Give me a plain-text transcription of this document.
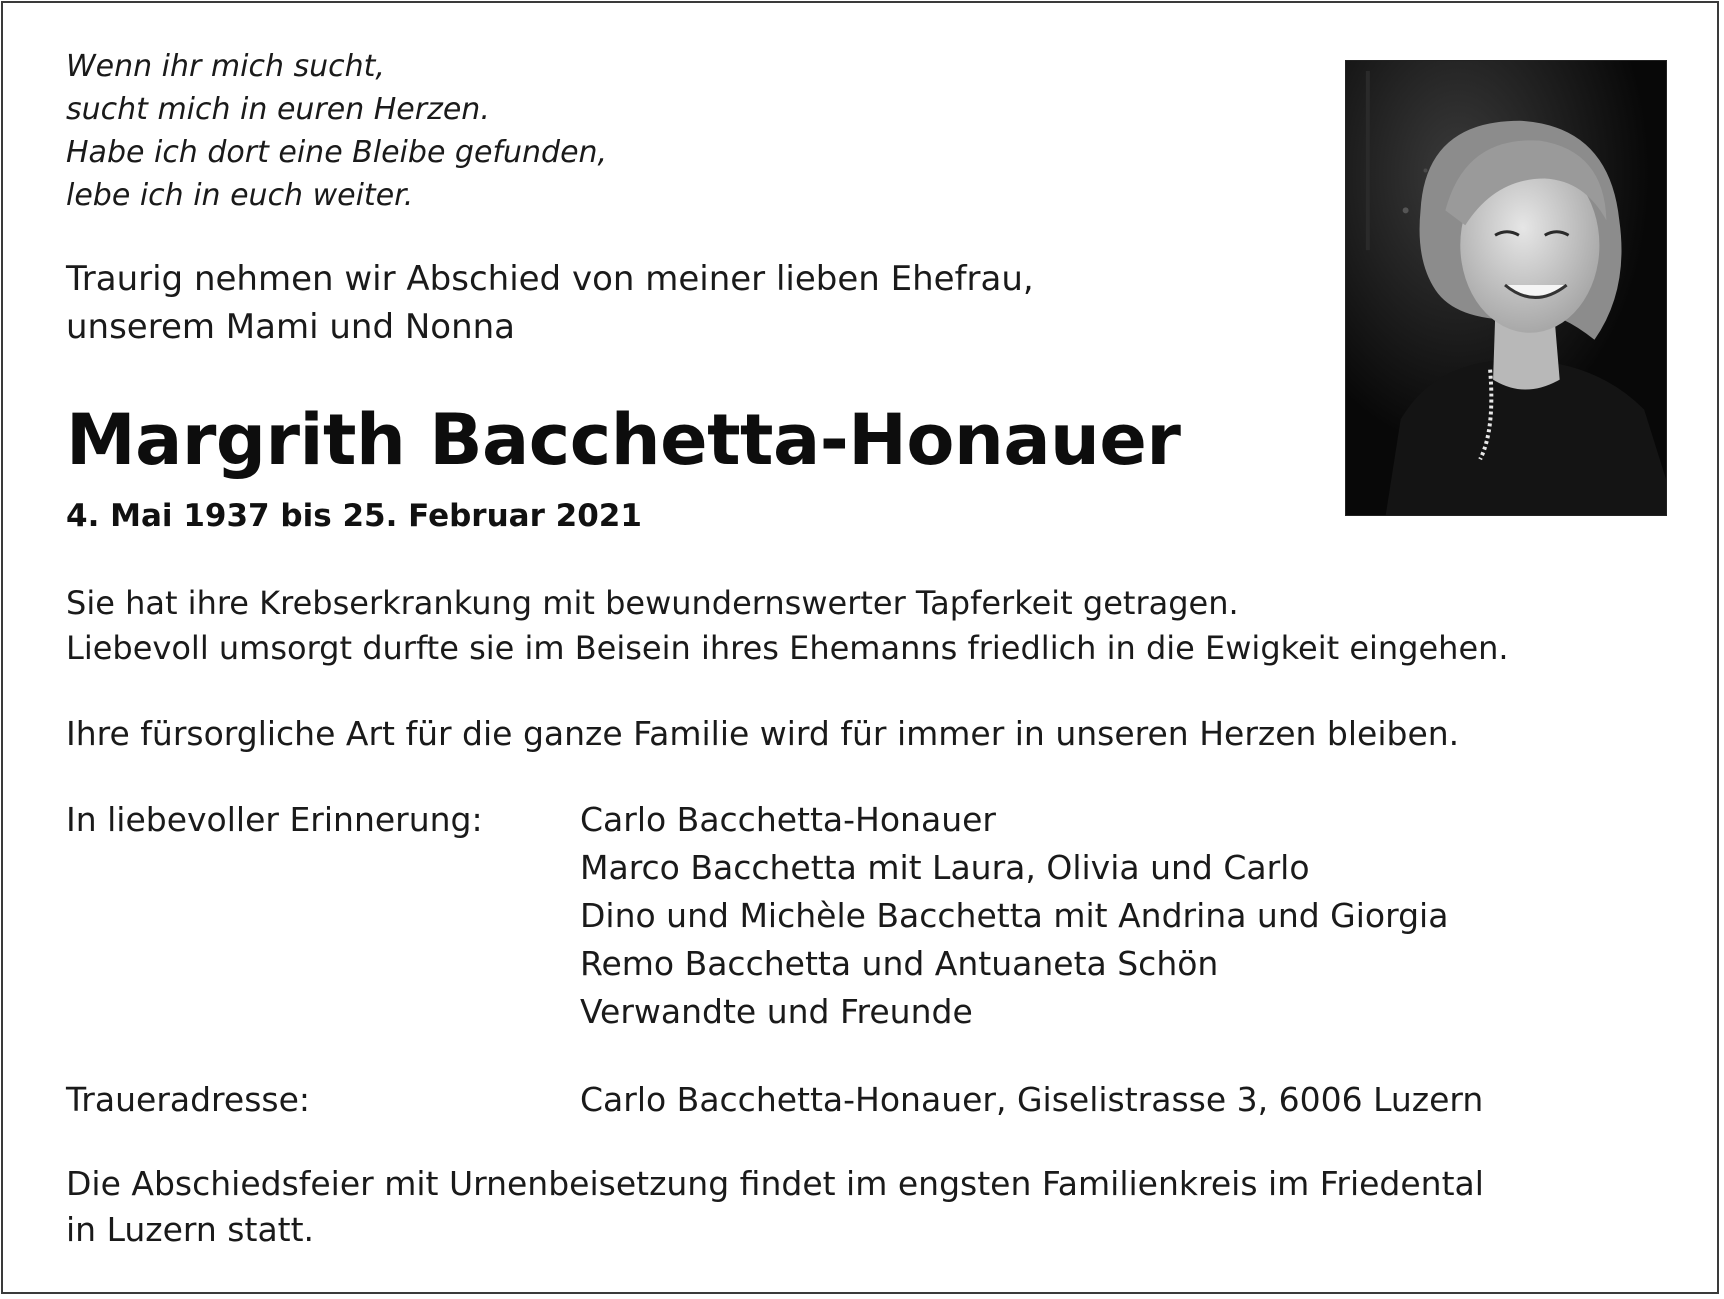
Wenn ihr mich sucht,
sucht mich in euren Herzen.
Habe ich dort eine Bleibe gefunden,
lebe ich in euch weiter.

Traurig nehmen wir Abschied von meiner lieben Ehefrau,
unserem Mami und Nonna

Margrith Bacchetta-Honauer

4. Mai 1937 bis 25. Februar 2021

Sie hat ihre Krebserkrankung mit bewundernswerter Tapferkeit getragen.
Liebevoll umsorgt durfte sie im Beisein ihres Ehemanns friedlich in die Ewigkeit eingehen.

Ihre fürsorgliche Art für die ganze Familie wird für immer in unseren Herzen bleiben.

In liebevoller Erinnerung:	Carlo Bacchetta-Honauer
Marco Bacchetta mit Laura, Olivia und Carlo
Dino und Michèle Bacchetta mit Andrina und Giorgia
Remo Bacchetta und Antuaneta Schön
Verwandte und Freunde

Traueradresse:	Carlo Bacchetta-Honauer, Giselistrasse 3, 6006 Luzern

Die Abschiedsfeier mit Urnenbeisetzung findet im engsten Familienkreis im Friedental
in Luzern statt.
